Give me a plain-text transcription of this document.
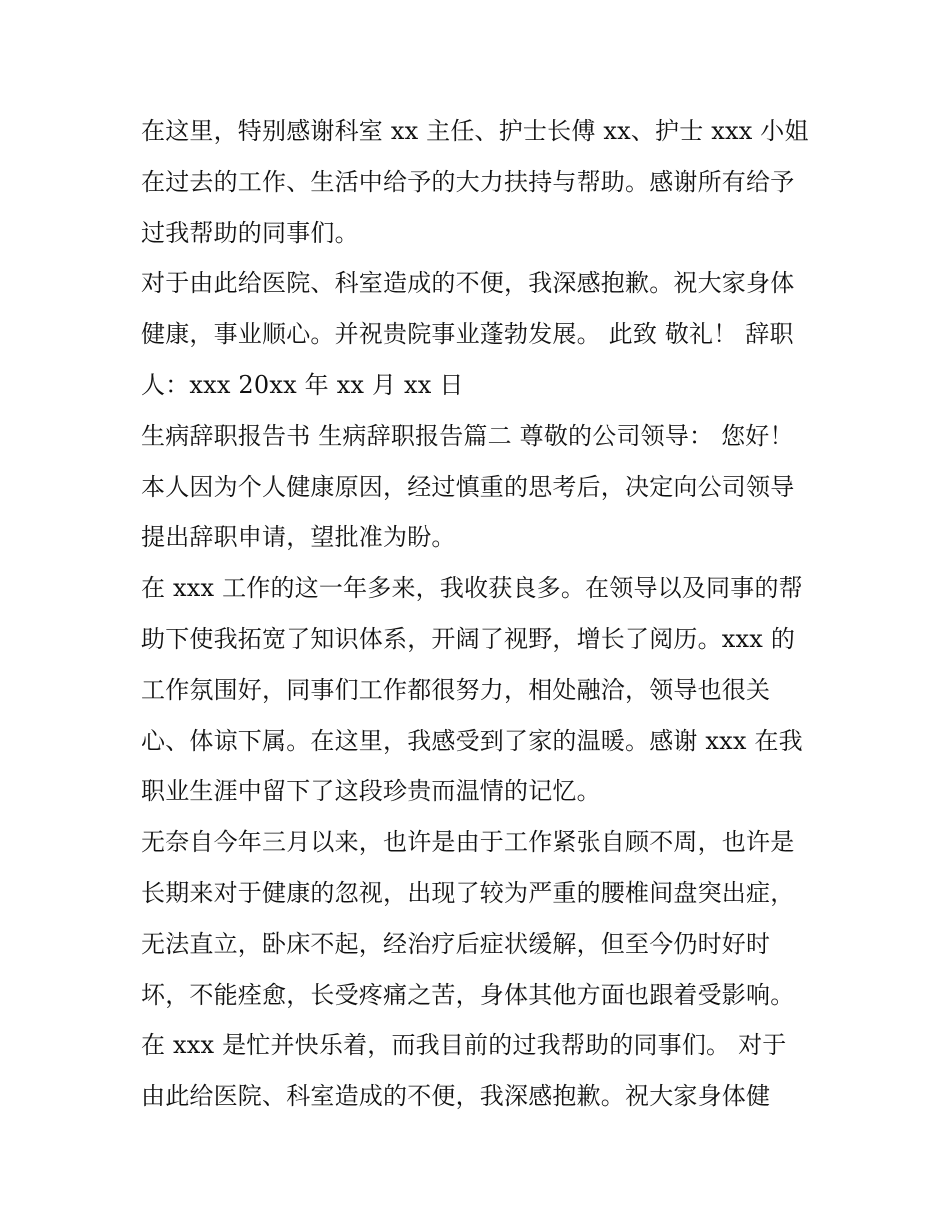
在这里，特别感谢科室 xx 主任、护士长傅 xx、护士 xxx 小姐
在过去的工作、生活中给予的大力扶持与帮助。感谢所有给予
过我帮助的同事们。
对于由此给医院、科室造成的不便，我深感抱歉。祝大家身体
健康，事业顺心。并祝贵院事业蓬勃发展。 此致 敬礼！ 辞职
人：xxx 20xx 年 xx 月 xx 日
生病辞职报告书 生病辞职报告篇二 尊敬的公司领导： 您好！
本人因为个人健康原因，经过慎重的思考后，决定向公司领导
提出辞职申请，望批准为盼。
在 xxx 工作的这一年多来，我收获良多。在领导以及同事的帮
助下使我拓宽了知识体系，开阔了视野，增长了阅历。xxx 的
工作氛围好，同事们工作都很努力，相处融洽，领导也很关
心、体谅下属。在这里，我感受到了家的温暖。感谢 xxx 在我
职业生涯中留下了这段珍贵而温情的记忆。
无奈自今年三月以来，也许是由于工作紧张自顾不周，也许是
长期来对于健康的忽视，出现了较为严重的腰椎间盘突出症，
无法直立，卧床不起，经治疗后症状缓解，但至今仍时好时
坏，不能痊愈，长受疼痛之苦，身体其他方面也跟着受影响。
在 xxx 是忙并快乐着，而我目前的过我帮助的同事们。 对于
由此给医院、科室造成的不便，我深感抱歉。祝大家身体健
